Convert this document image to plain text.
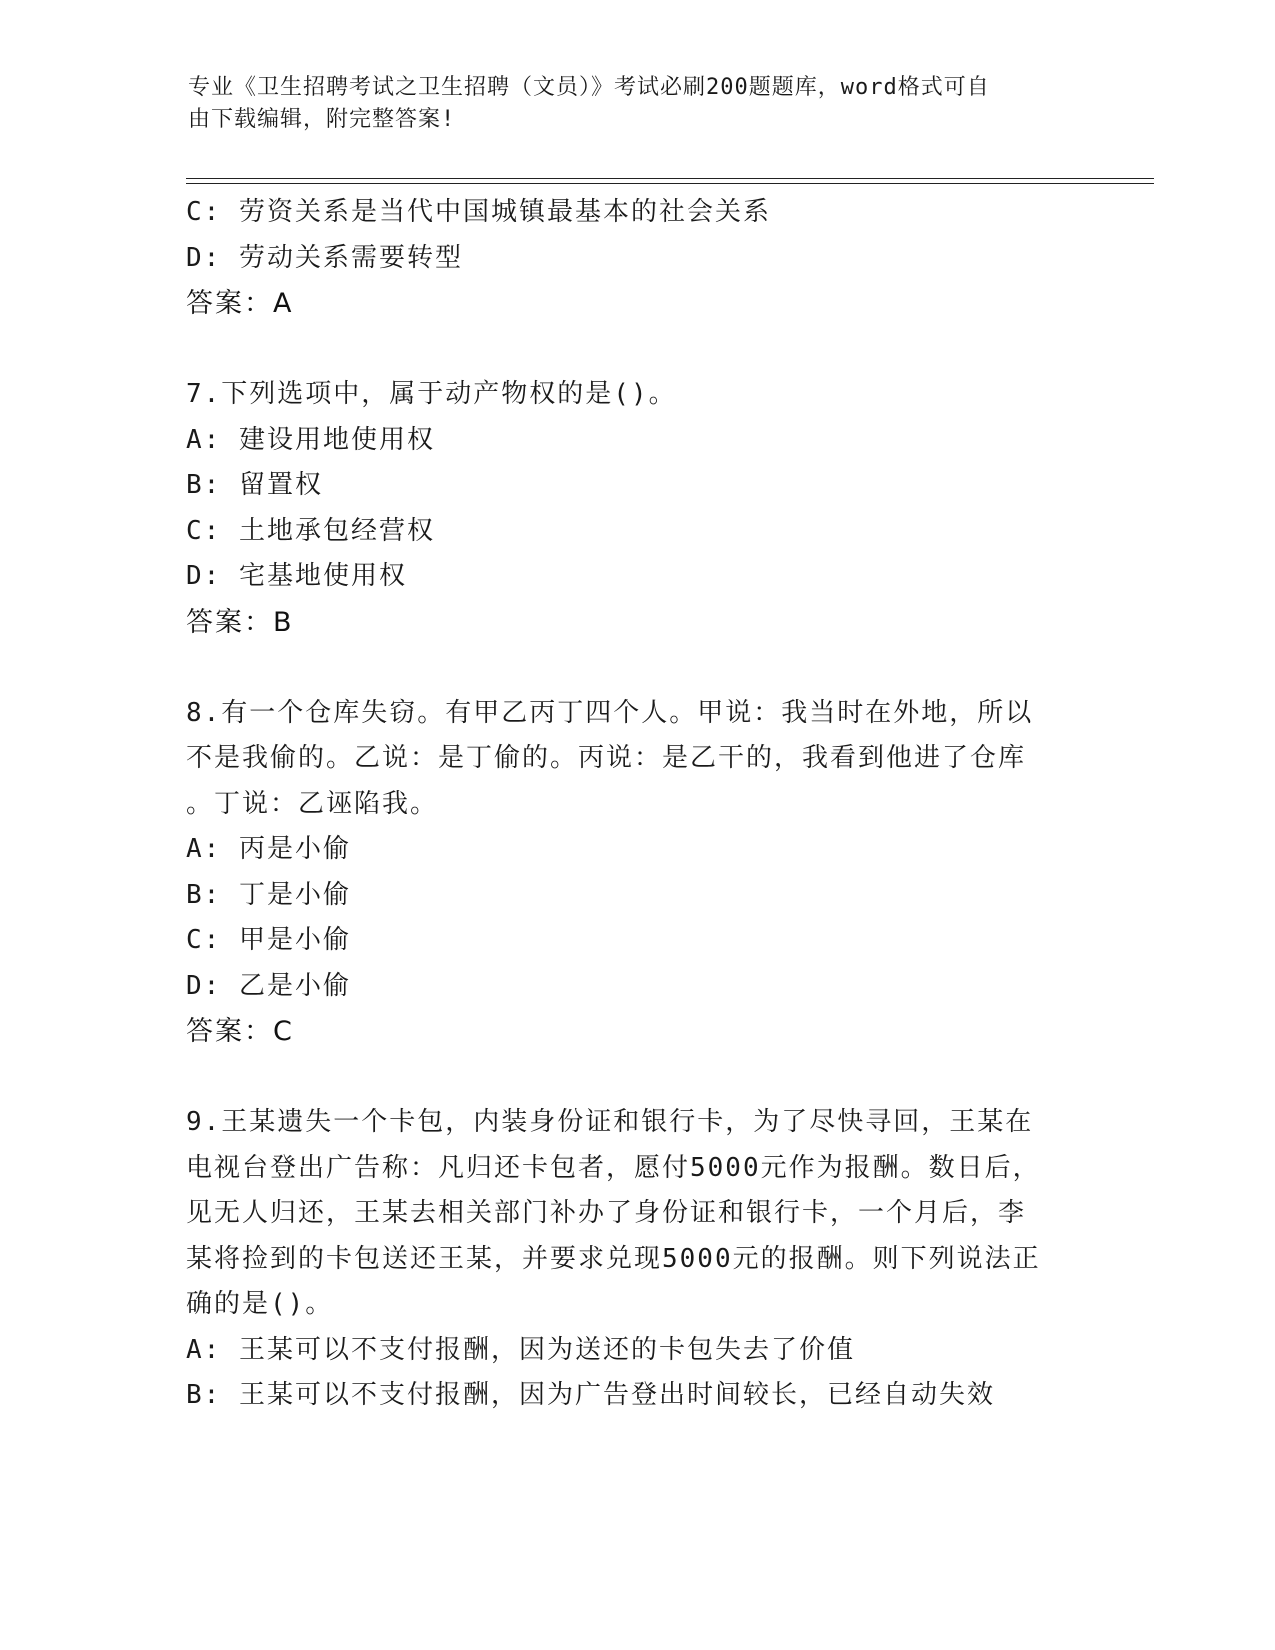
专业《卫生招聘考试之卫生招聘（文员）》考试必刷200题题库，word格式可自
由下载编辑，附完整答案!
C: 劳资关系是当代中国城镇最基本的社会关系
D: 劳动关系需要转型
答案：A
7.下列选项中，属于动产物权的是()。
A: 建设用地使用权
B: 留置权
C: 土地承包经营权
D: 宅基地使用权
答案：B
8.有一个仓库失窃。有甲乙丙丁四个人。甲说：我当时在外地，所以
不是我偷的。乙说：是丁偷的。丙说：是乙干的，我看到他进了仓库
。丁说：乙诬陷我。
A: 丙是小偷
B: 丁是小偷
C: 甲是小偷
D: 乙是小偷
答案：C
9.王某遗失一个卡包，内装身份证和银行卡，为了尽快寻回，王某在
电视台登出广告称：凡归还卡包者，愿付5000元作为报酬。数日后，
见无人归还，王某去相关部门补办了身份证和银行卡，一个月后，李
某将捡到的卡包送还王某，并要求兑现5000元的报酬。则下列说法正
确的是()。
A: 王某可以不支付报酬，因为送还的卡包失去了价值
B: 王某可以不支付报酬，因为广告登出时间较长，已经自动失效
